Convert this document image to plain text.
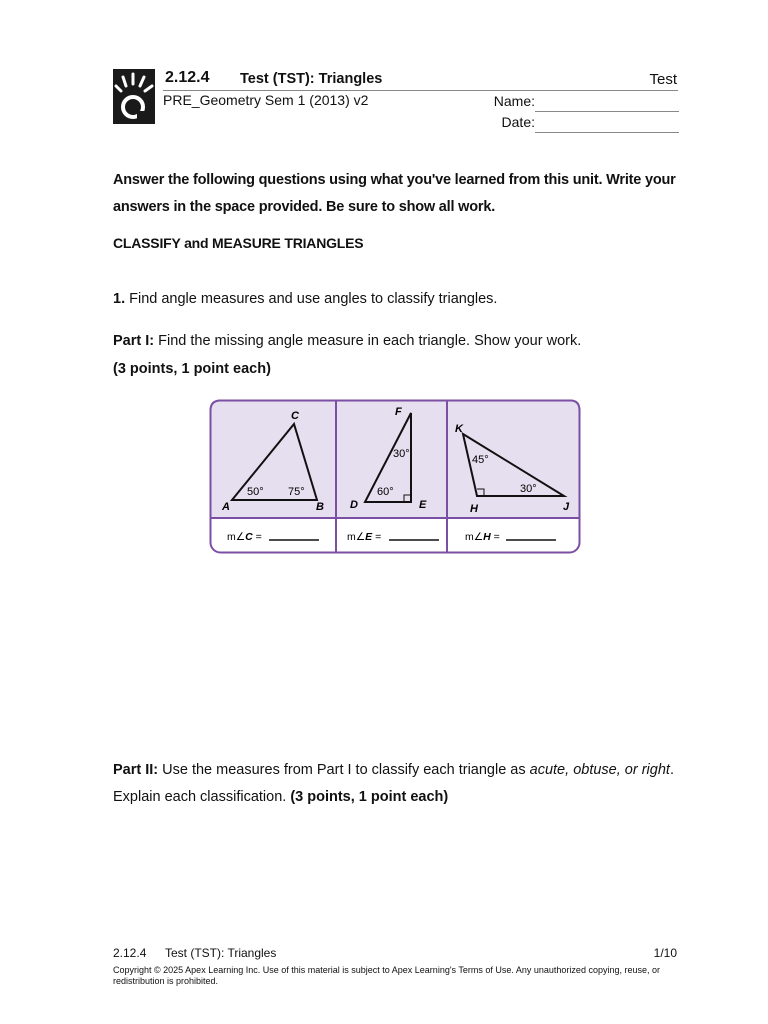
2.12.4 Test (TST): Triangles	Test
PRE_Geometry Sem 1 (2013) v2	Name:
Date:
Answer the following questions using what you've learned from this unit. Write your answers in the space provided. Be sure to show all work.
CLASSIFY and MEASURE TRIANGLES
1. Find angle measures and use angles to classify triangles.
Part I: Find the missing angle measure in each triangle. Show your work.
(3 points, 1 point each)
A	B
C
50° 75°
D	E
F
60°
30°
H	J
K
45°
30°
m∠C =	m∠E =	m∠H =
Part II: Use the measures from Part I to classify each triangle as acute, obtuse, or right. Explain each classification. (3 points, 1 point each)
2.12.4 Test (TST): Triangles	1/10
Copyright © 2025 Apex Learning Inc. Use of this material is subject to Apex Learning's Terms of Use. Any unauthorized copying, reuse, or redistribution is prohibited.
